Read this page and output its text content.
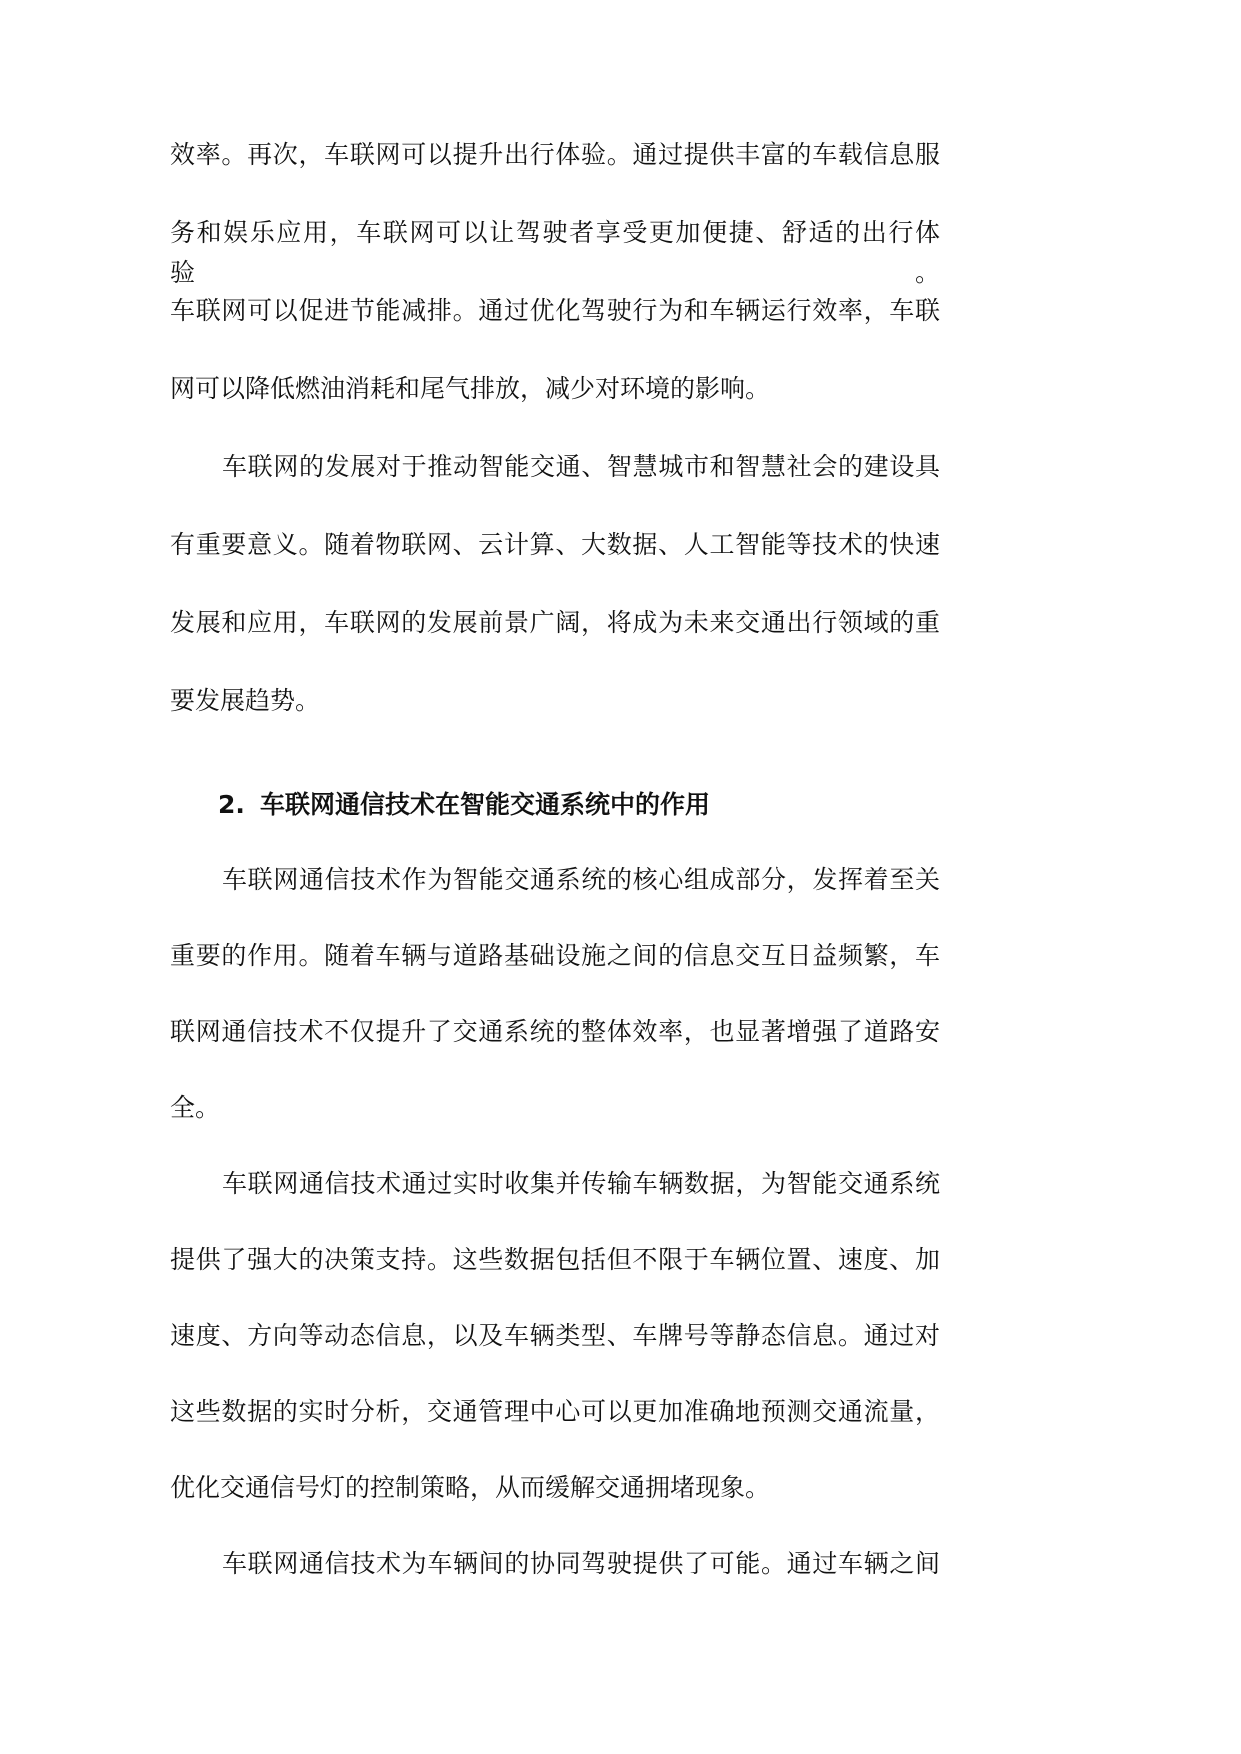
效率。再次，车联网可以提升出行体验。通过提供丰富的车载信息服
务和娱乐应用，车联网可以让驾驶者享受更加便捷、舒适的出行体验。
车联网可以促进节能减排。通过优化驾驶行为和车辆运行效率，车联
网可以降低燃油消耗和尾气排放，减少对环境的影响。
车联网的发展对于推动智能交通、智慧城市和智慧社会的建设具
有重要意义。随着物联网、云计算、大数据、人工智能等技术的快速
发展和应用，车联网的发展前景广阔，将成为未来交通出行领域的重
要发展趋势。
2. 车联网通信技术在智能交通系统中的作用
车联网通信技术作为智能交通系统的核心组成部分，发挥着至关
重要的作用。随着车辆与道路基础设施之间的信息交互日益频繁，车
联网通信技术不仅提升了交通系统的整体效率，也显著增强了道路安
全。
车联网通信技术通过实时收集并传输车辆数据，为智能交通系统
提供了强大的决策支持。这些数据包括但不限于车辆位置、速度、加
速度、方向等动态信息，以及车辆类型、车牌号等静态信息。通过对
这些数据的实时分析，交通管理中心可以更加准确地预测交通流量，
优化交通信号灯的控制策略，从而缓解交通拥堵现象。
车联网通信技术为车辆间的协同驾驶提供了可能。通过车辆之间
